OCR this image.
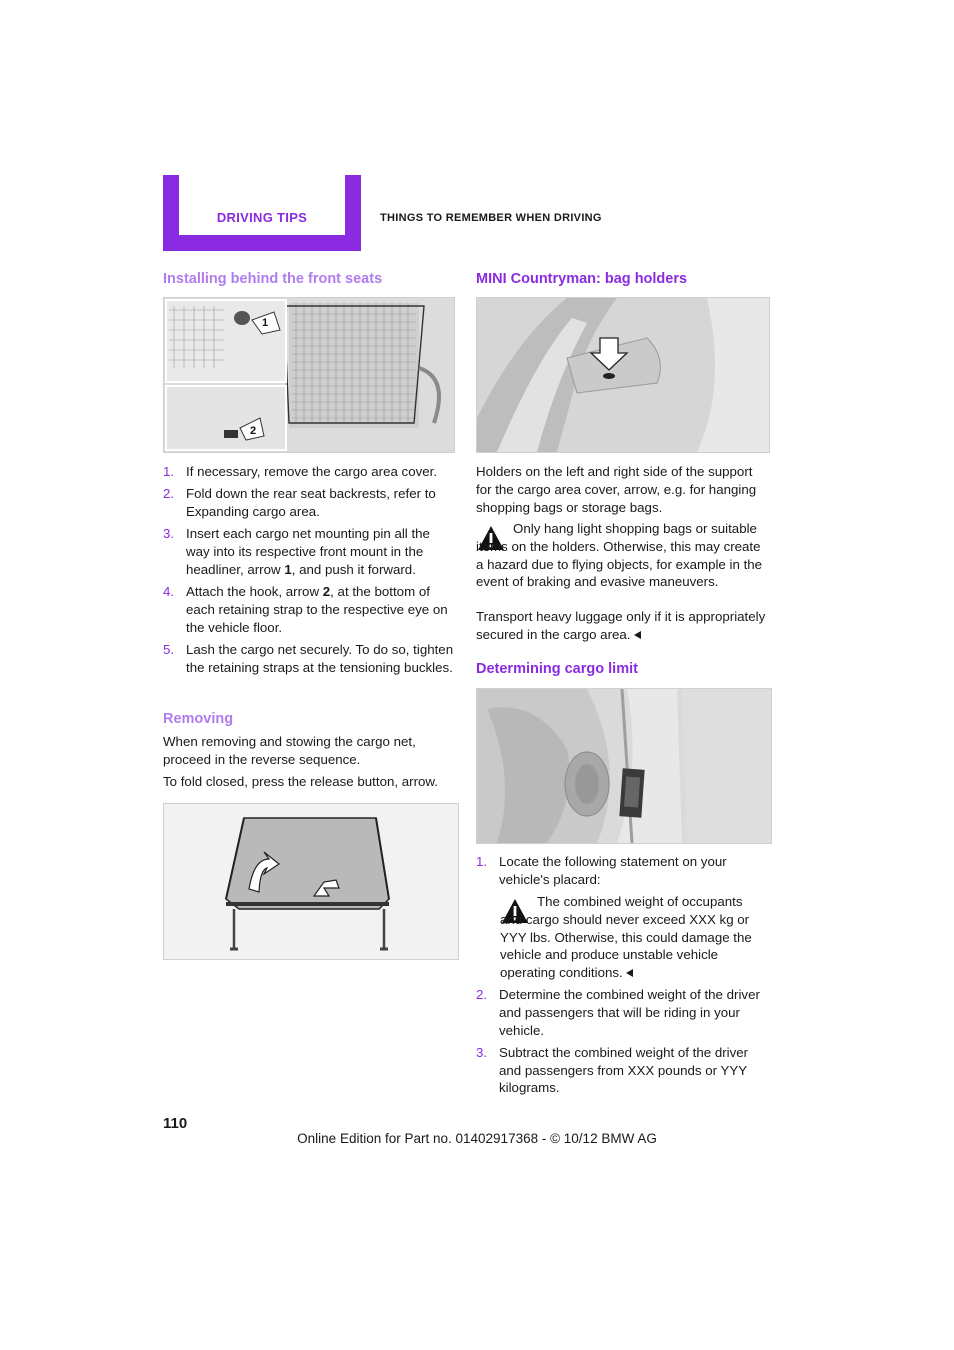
DRIVING TIPS	THINGS TO REMEMBER WHEN DRIVING
Installing behind the front seats
1
2
1. If necessary, remove the cargo area cover.
2. Fold down the rear seat backrests, refer to Expanding cargo area.
3. Insert each cargo net mounting pin all the way into its respective front mount in the headliner, arrow 1, and push it forward.
4. Attach the hook, arrow 2, at the bottom of each retaining strap to the respective eye on the vehicle floor.
5. Lash the cargo net securely. To do so, tighten the retaining straps at the tensioning buckles.
Removing
When removing and stowing the cargo net, proceed in the reverse sequence.
To fold closed, press the release button, arrow.
MINI Countryman: bag holders
Holders on the left and right side of the support for the cargo area cover, arrow, e.g. for hanging shopping bags or storage bags.
Only hang light shopping bags or suitable items on the holders. Otherwise, this may create a hazard due to flying objects, for example in the event of braking and evasive maneuvers.
Transport heavy luggage only if it is appropriately secured in the cargo area.
Determining cargo limit
1. Locate the following statement on your vehicle's placard:
The combined weight of occupants and cargo should never exceed XXX kg or YYY lbs. Otherwise, this could damage the vehicle and produce unstable vehicle operating conditions.
2. Determine the combined weight of the driver and passengers that will be riding in your vehicle.
3. Subtract the combined weight of the driver and passengers from XXX pounds or YYY kilograms.
110
Online Edition for Part no. 01402917368 - © 10/12 BMW AG
